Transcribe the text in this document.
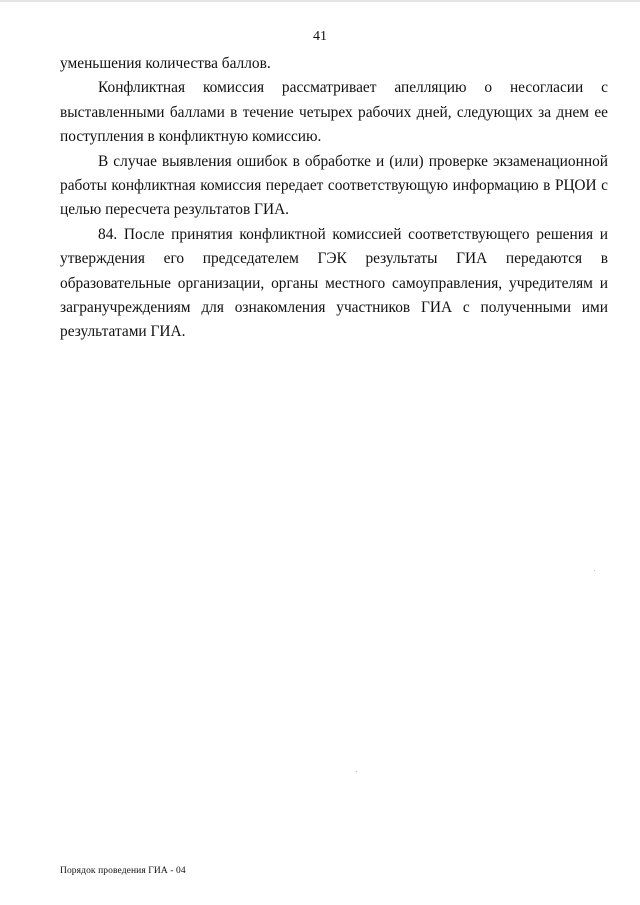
41

уменьшения количества баллов.

Конфликтная комиссия рассматривает апелляцию о несогласии с выставленными баллами в течение четырех рабочих дней, следующих за днем ее поступления в конфликтную комиссию.

В случае выявления ошибок в обработке и (или) проверке экзаменационной работы конфликтная комиссия передает соответствующую информацию в РЦОИ с целью пересчета результатов ГИА.

84. После принятия конфликтной комиссией соответствующего решения и утверждения его председателем ГЭК результаты ГИА передаются в образовательные организации, органы местного самоуправления, учредителям и загранучреждениям для ознакомления участников ГИА с полученными ими результатами ГИА.

Порядок проведения ГИА - 04
